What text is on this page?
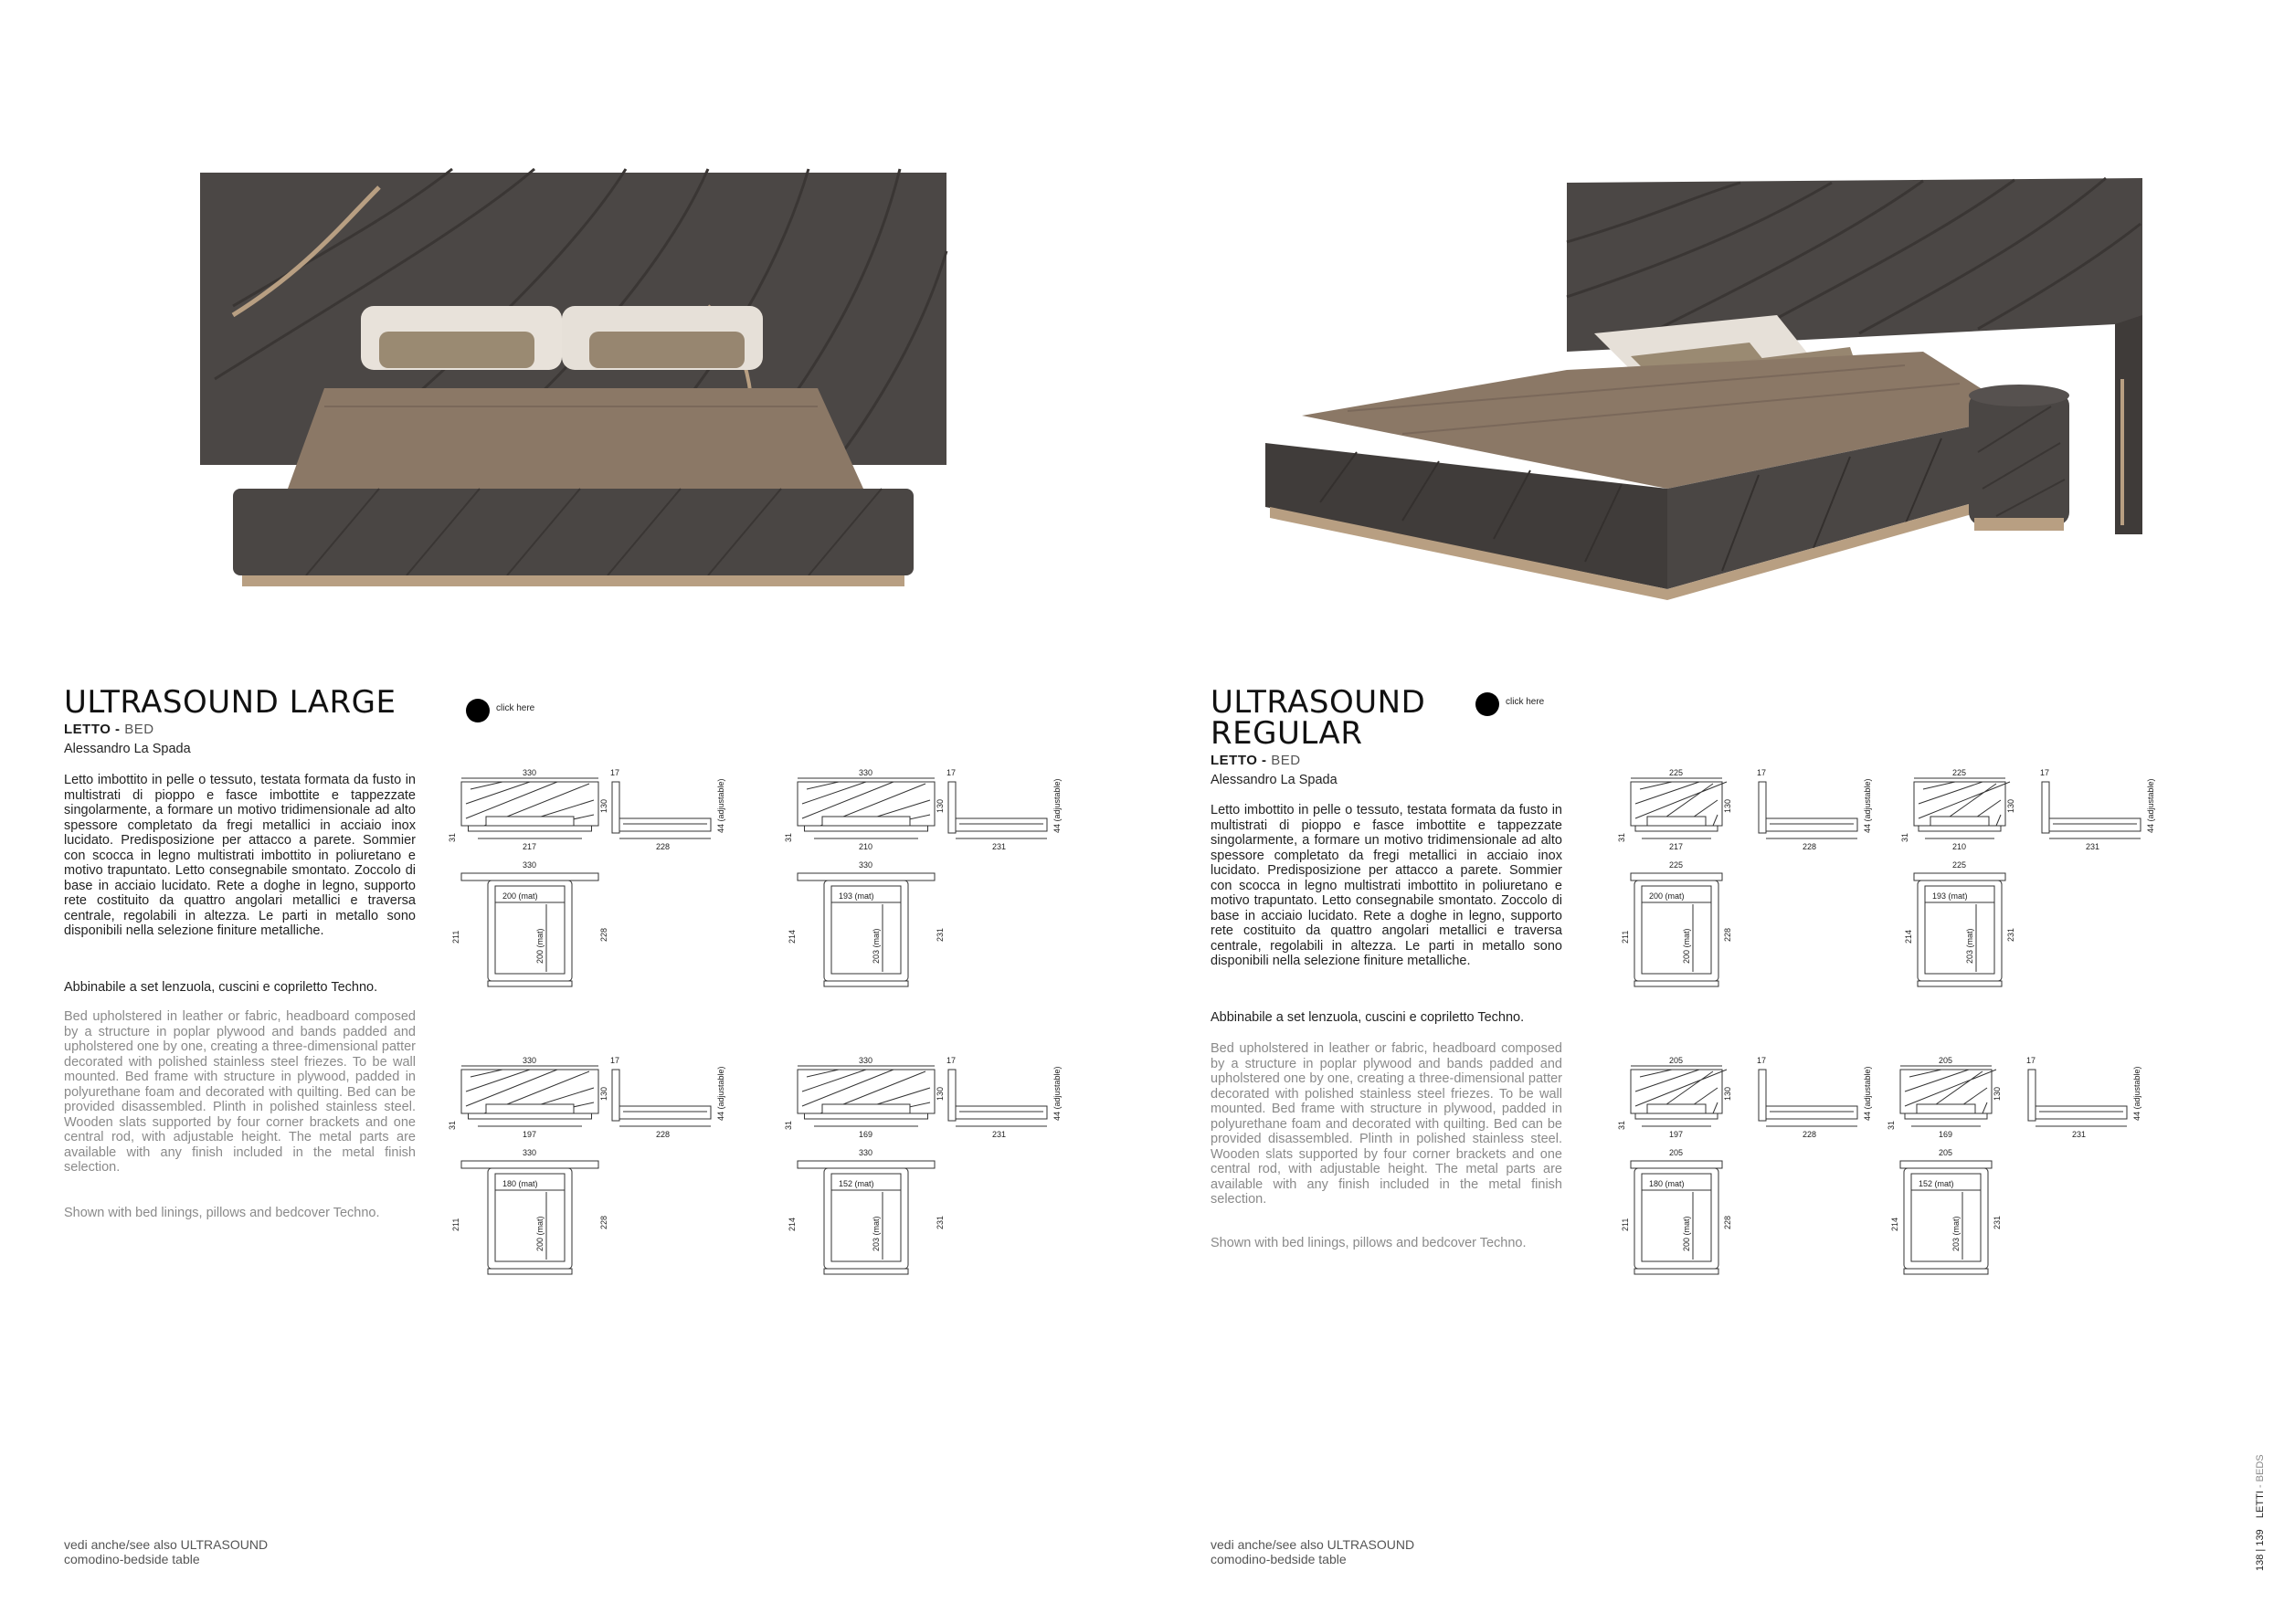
ULTRASOUND LARGE
LETTO - BED
Alessandro La Spada
Letto imbottito in pelle o tessuto, testata formata da fusto in multistrati di pioppo e fasce imbottite e tappezzate singolarmente, a formare un motivo tridimensionale ad alto spessore completato da fregi metallici in acciaio inox lucidato. Predisposizione per attacco a parete. Sommier con scocca in legno multistrati imbottito in poliuretano e motivo trapuntato. Letto consegnabile smontato. Zoccolo di base in acciaio lucidato. Rete a doghe in legno, supporto rete costituito da quattro angolari metallici e traversa centrale, regolabili in altezza. Le parti in metallo sono disponibili nella selezione finiture metalliche.
Abbinabile a set lenzuola, cuscini e copriletto Techno.
Bed upholstered in leather or fabric, headboard composed by a structure in poplar plywood and bands padded and upholstered one by one, creating a three-dimensional patter decorated with polished stainless steel friezes. To be wall mounted. Bed frame with structure in plywood, padded in polyurethane foam and decorated with quilting. Bed can be provided disassembled. Plinth in polished stainless steel. Wooden slats supported by four corner brackets and one central rod, with adjustable height. The metal parts are available with any finish included in the metal finish selection.
Shown with bed linings, pillows and bedcover Techno.
vedi anche/see also ULTRASOUND comodino-bedside table
click here	ULTRASOUND
REGULAR
LETTO - BED
Alessandro La Spada
Letto imbottito in pelle o tessuto, testata formata da fusto in multistrati di pioppo e fasce imbottite e tappezzate singolarmente, a formare un motivo tridimensionale ad alto spessore completato da fregi metallici in acciaio inox lucidato. Predisposizione per attacco a parete. Sommier con scocca in legno multistrati imbottito in poliuretano e motivo trapuntato. Letto consegnabile smontato. Zoccolo di base in acciaio lucidato. Rete a doghe in legno, supporto rete costituito da quattro angolari metallici e traversa centrale, regolabili in altezza. Le parti in metallo sono disponibili nella selezione finiture metalliche.
Abbinabile a set lenzuola, cuscini e copriletto Techno.
Bed upholstered in leather or fabric, headboard composed by a structure in poplar plywood and bands padded and upholstered one by one, creating a three-dimensional patter decorated with polished stainless steel friezes. To be wall mounted. Bed frame with structure in plywood, padded in polyurethane foam and decorated with quilting. Bed can be provided disassembled. Plinth in polished stainless steel. Wooden slats supported by four corner brackets and one central rod, with adjustable height. The metal parts are available with any finish included in the metal finish selection.
Shown with bed linings, pillows and bedcover Techno.
vedi anche/see also ULTRASOUND comodino-bedside table
click here
138 | 139    LETTI - BEDS
330
130
31
217
17
44 (adjustable)
228
330
200 (mat)
200 (mat)
211	228
330
130
31
210
17
44 (adjustable)
231
330
193 (mat)
203 (mat)
214	231
330
130
31
197
17
44 (adjustable)
228
330
180 (mat)
200 (mat)
211	228
330
130
31
169
17
44 (adjustable)
231
330
152 (mat)
203 (mat)
214	231
225
130
31
217
17
44 (adjustable)
228
225
200 (mat)
200 (mat)
211	228
225
130
31
210
17
44 (adjustable)
231
225
193 (mat)
203 (mat)
214	231
205
130
31
197
17
44 (adjustable)
228
205
180 (mat)
200 (mat)
211	228
205
130
31
169
17
44 (adjustable)
231
205
152 (mat)
203 (mat)
214	231
